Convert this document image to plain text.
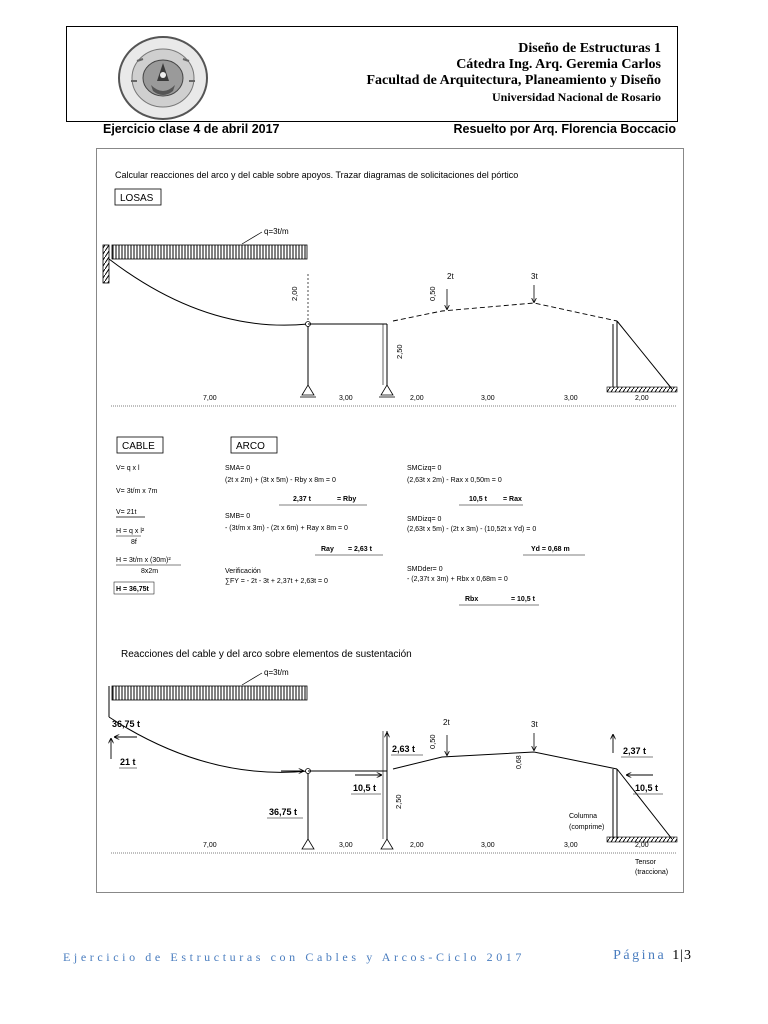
Diseño de Estructuras 1
Cátedra Ing. Arq. Geremia Carlos
Facultad de Arquitectura, Planeamiento y Diseño
Universidad Nacional de Rosario
Ejercicio clase 4 de abril 2017	Resuelto por Arq. Florencia Boccacio
Calcular reacciones del arco y del cable sobre apoyos. Trazar diagramas de solicitaciones del pórtico
LOSAS
q=3t/m
2,00
2,50
2t	3t
0,50
7,00	3,00	2,00	3,00	3,00	2,00
CABLE	ARCO
V= q x l
V= 3t/m x 7m
V= 21t
H = q x l²
8f
H = 3t/m x (30m)²
8x2m
H = 36,75t
SMA= 0
(2t x 2m) + (3t x 5m) - Rby x 8m = 0
2,37 t	= Rby
SMB= 0
- (3t/m x 3m) - (2t x 6m) + Ray x 8m = 0
Ray = 2,63 t
Verificación
∑FY = - 2t - 3t + 2,37t + 2,63t = 0
SMCizq= 0
(2,63t x 2m) - Rax x 0,50m = 0
10,5 t = Rax
SMDizq= 0
(2,63t x 5m) - (2t x 3m) - (10,52t x Yd) = 0
Yd = 0,68 m
SMDder= 0
- (2,37t x 3m) + Rbx x 0,68m = 0
Rbx	= 10,5 t
Reacciones del cable y del arco sobre elementos de sustentación
q=3t/m
2,50
2t	3t
0,50
0,68
36,75 t
21 t
36,75 t
2,63 t
10,5 t
2,37 t
10,5 t
Columna
(comprime)
7,00	3,00	2,00	3,00	3,00	2,00
Tensor
(tracciona)
Ejercicio de Estructuras con Cables y Arcos-Ciclo 2017	Página 1|3
